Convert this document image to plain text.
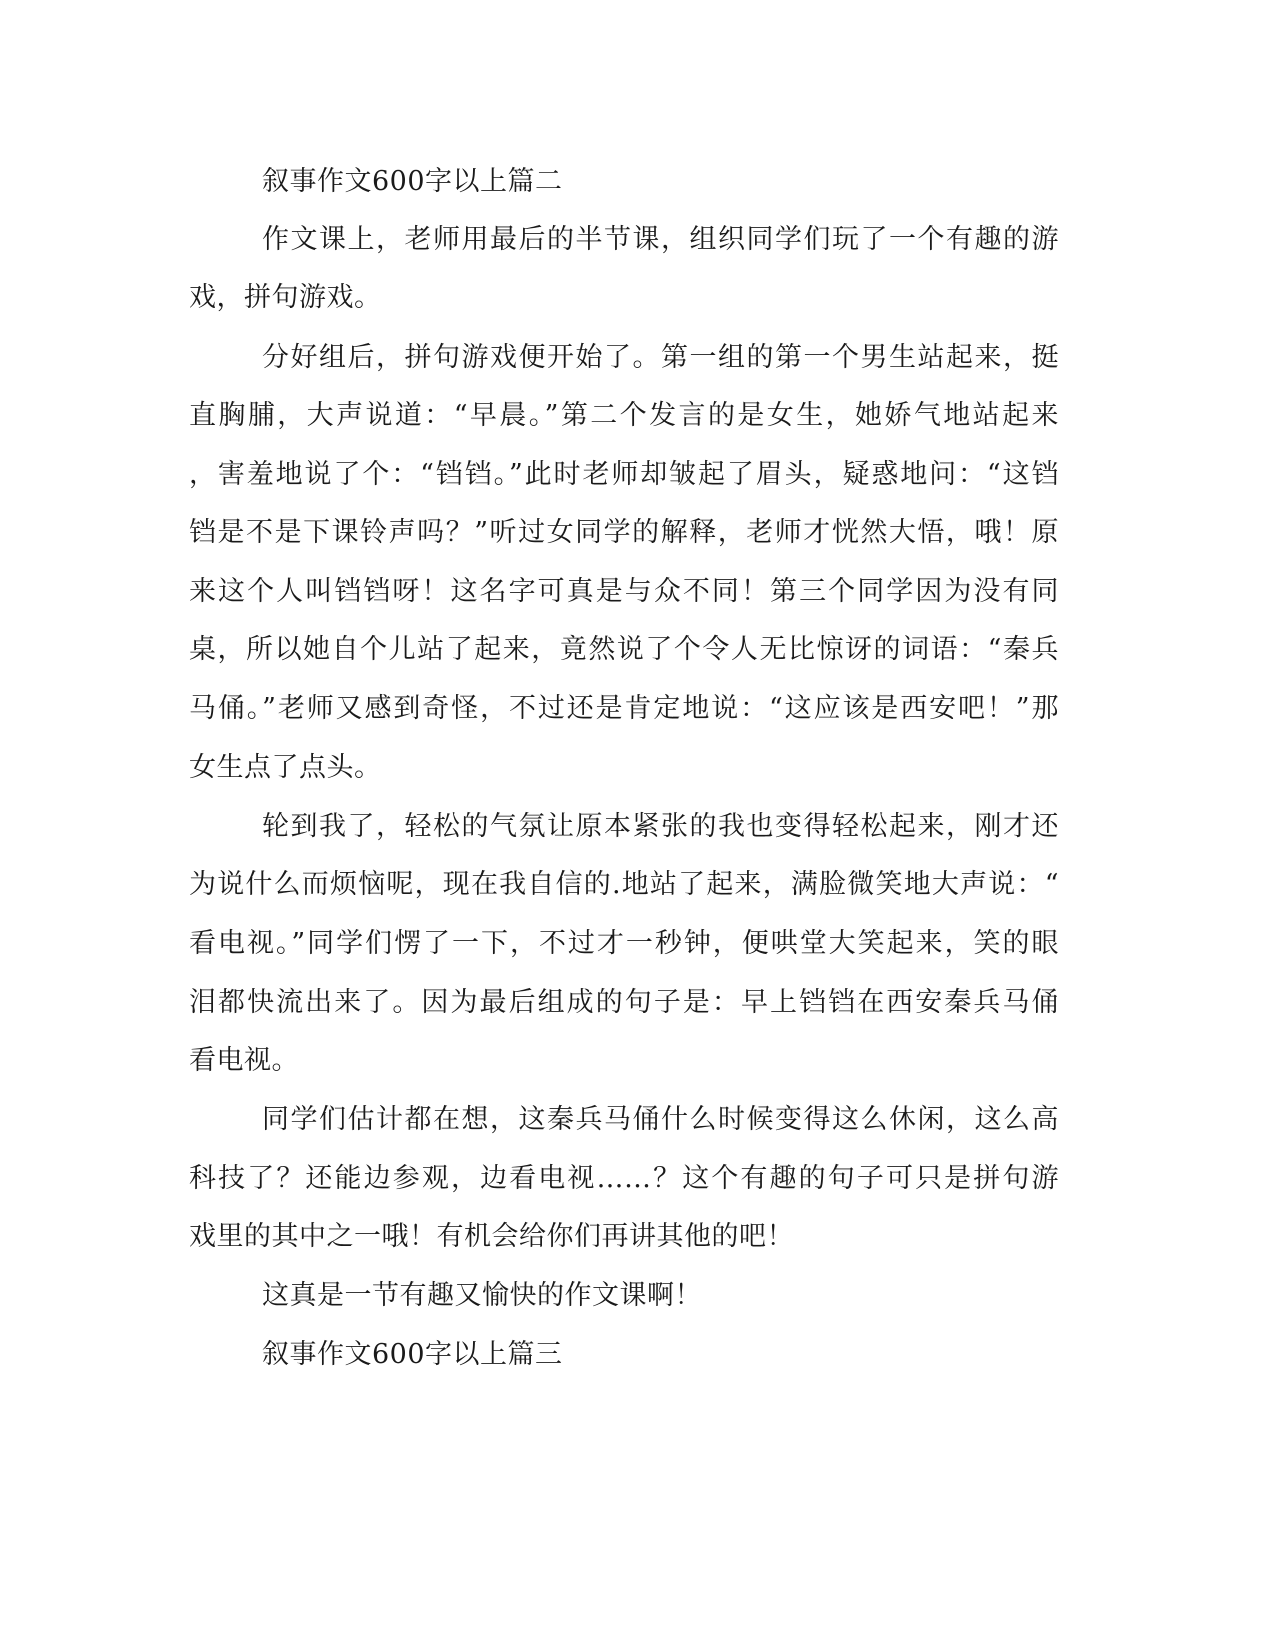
叙事作文600字以上篇二
作文课上，老师用最后的半节课，组织同学们玩了一个有趣的游
戏，拼句游戏。
分好组后，拼句游戏便开始了。第一组的第一个男生站起来，挺
直胸脯，大声说道：“早晨。”第二个发言的是女生，她娇气地站起来
，害羞地说了个：“铛铛。”此时老师却皱起了眉头，疑惑地问：“这铛
铛是不是下课铃声吗？”听过女同学的解释，老师才恍然大悟，哦！原
来这个人叫铛铛呀！这名字可真是与众不同！第三个同学因为没有同
桌，所以她自个儿站了起来，竟然说了个令人无比惊讶的词语：“秦兵
马俑。”老师又感到奇怪，不过还是肯定地说：“这应该是西安吧！”那
女生点了点头。
轮到我了，轻松的气氛让原本紧张的我也变得轻松起来，刚才还
为说什么而烦恼呢，现在我自信的.地站了起来，满脸微笑地大声说：“
看电视。”同学们愣了一下，不过才一秒钟，便哄堂大笑起来，笑的眼
泪都快流出来了。因为最后组成的句子是：早上铛铛在西安秦兵马俑
看电视。
同学们估计都在想，这秦兵马俑什么时候变得这么休闲，这么高
科技了？还能边参观，边看电视……？这个有趣的句子可只是拼句游
戏里的其中之一哦！有机会给你们再讲其他的吧！
这真是一节有趣又愉快的作文课啊！
叙事作文600字以上篇三
